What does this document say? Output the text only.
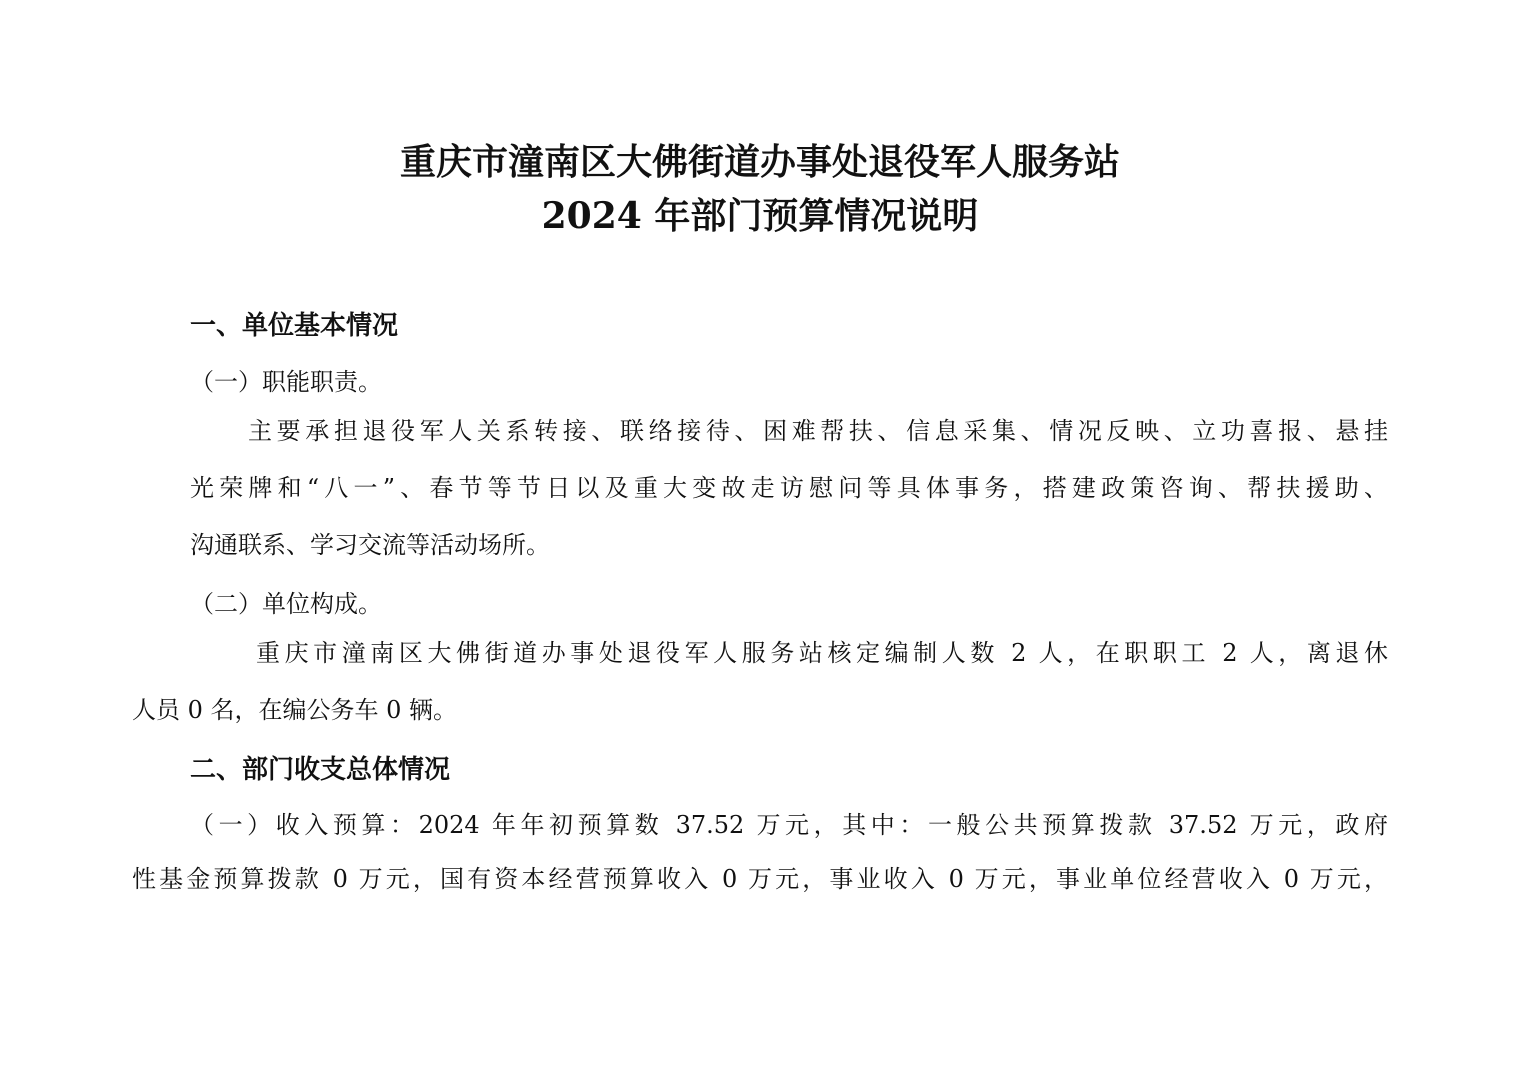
重庆市潼南区大佛街道办事处退役军人服务站
2024 年部门预算情况说明
一、单位基本情况
（一）职能职责。
主要承担退役军人关系转接、联络接待、困难帮扶、信息采集、情况反映、立功喜报、悬挂
光荣牌和“八一”、春节等节日以及重大变故走访慰问等具体事务，搭建政策咨询、帮扶援助、
沟通联系、学习交流等活动场所。
（二）单位构成。
重庆市潼南区大佛街道办事处退役军人服务站核定编制人数 2 人，在职职工 2 人，离退休
人员 0 名，在编公务车 0 辆。
二、部门收支总体情况
（一）收入预算：2024 年年初预算数 37.52 万元，其中：一般公共预算拨款 37.52 万元，政府
性基金预算拨款 0 万元，国有资本经营预算收入 0 万元，事业收入 0 万元，事业单位经营收入 0 万元，
